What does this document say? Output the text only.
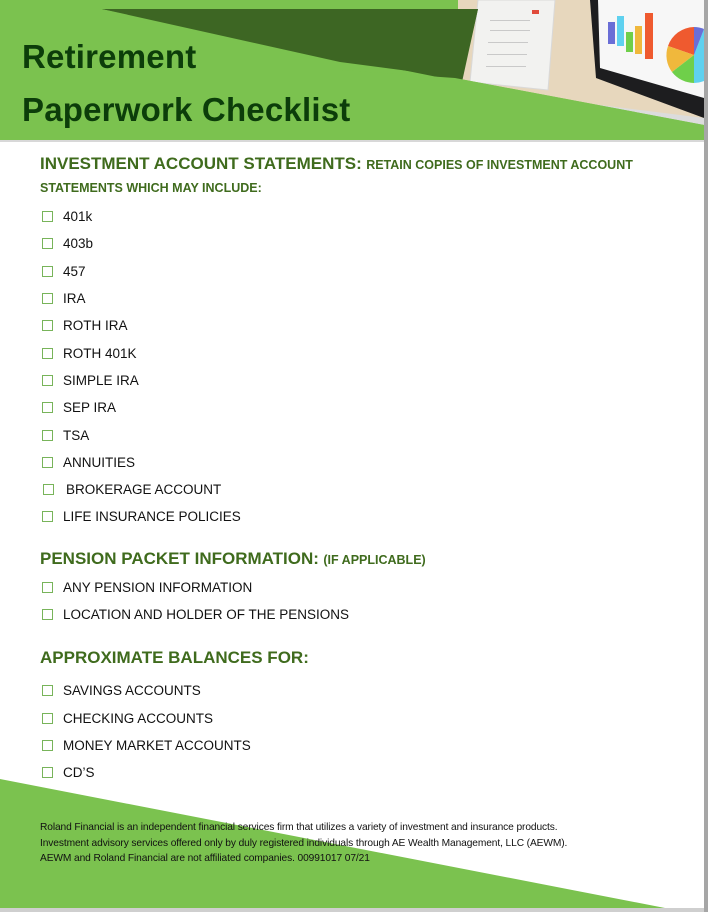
Retirement
Paperwork Checklist
INVESTMENT ACCOUNT STATEMENTS: RETAIN COPIES OF INVESTMENT ACCOUNT
STATEMENTS WHICH MAY INCLUDE:
401k
403b
457
IRA
ROTH IRA
ROTH 401K
SIMPLE IRA
SEP IRA
TSA
ANNUITIES
BROKERAGE ACCOUNT
LIFE INSURANCE POLICIES
PENSION PACKET INFORMATION: (IF APPLICABLE)
ANY PENSION INFORMATION
LOCATION AND HOLDER OF THE PENSIONS
APPROXIMATE BALANCES FOR:
SAVINGS ACCOUNTS
CHECKING ACCOUNTS
MONEY MARKET ACCOUNTS
CD’S
Roland Financial is an independent financial services firm that utilizes a variety of investment and insurance products.
Investment advisory services offered only by duly registered individuals through AE Wealth Management, LLC (AEWM).
AEWM and Roland Financial are not affiliated companies. 00991017 07/21
